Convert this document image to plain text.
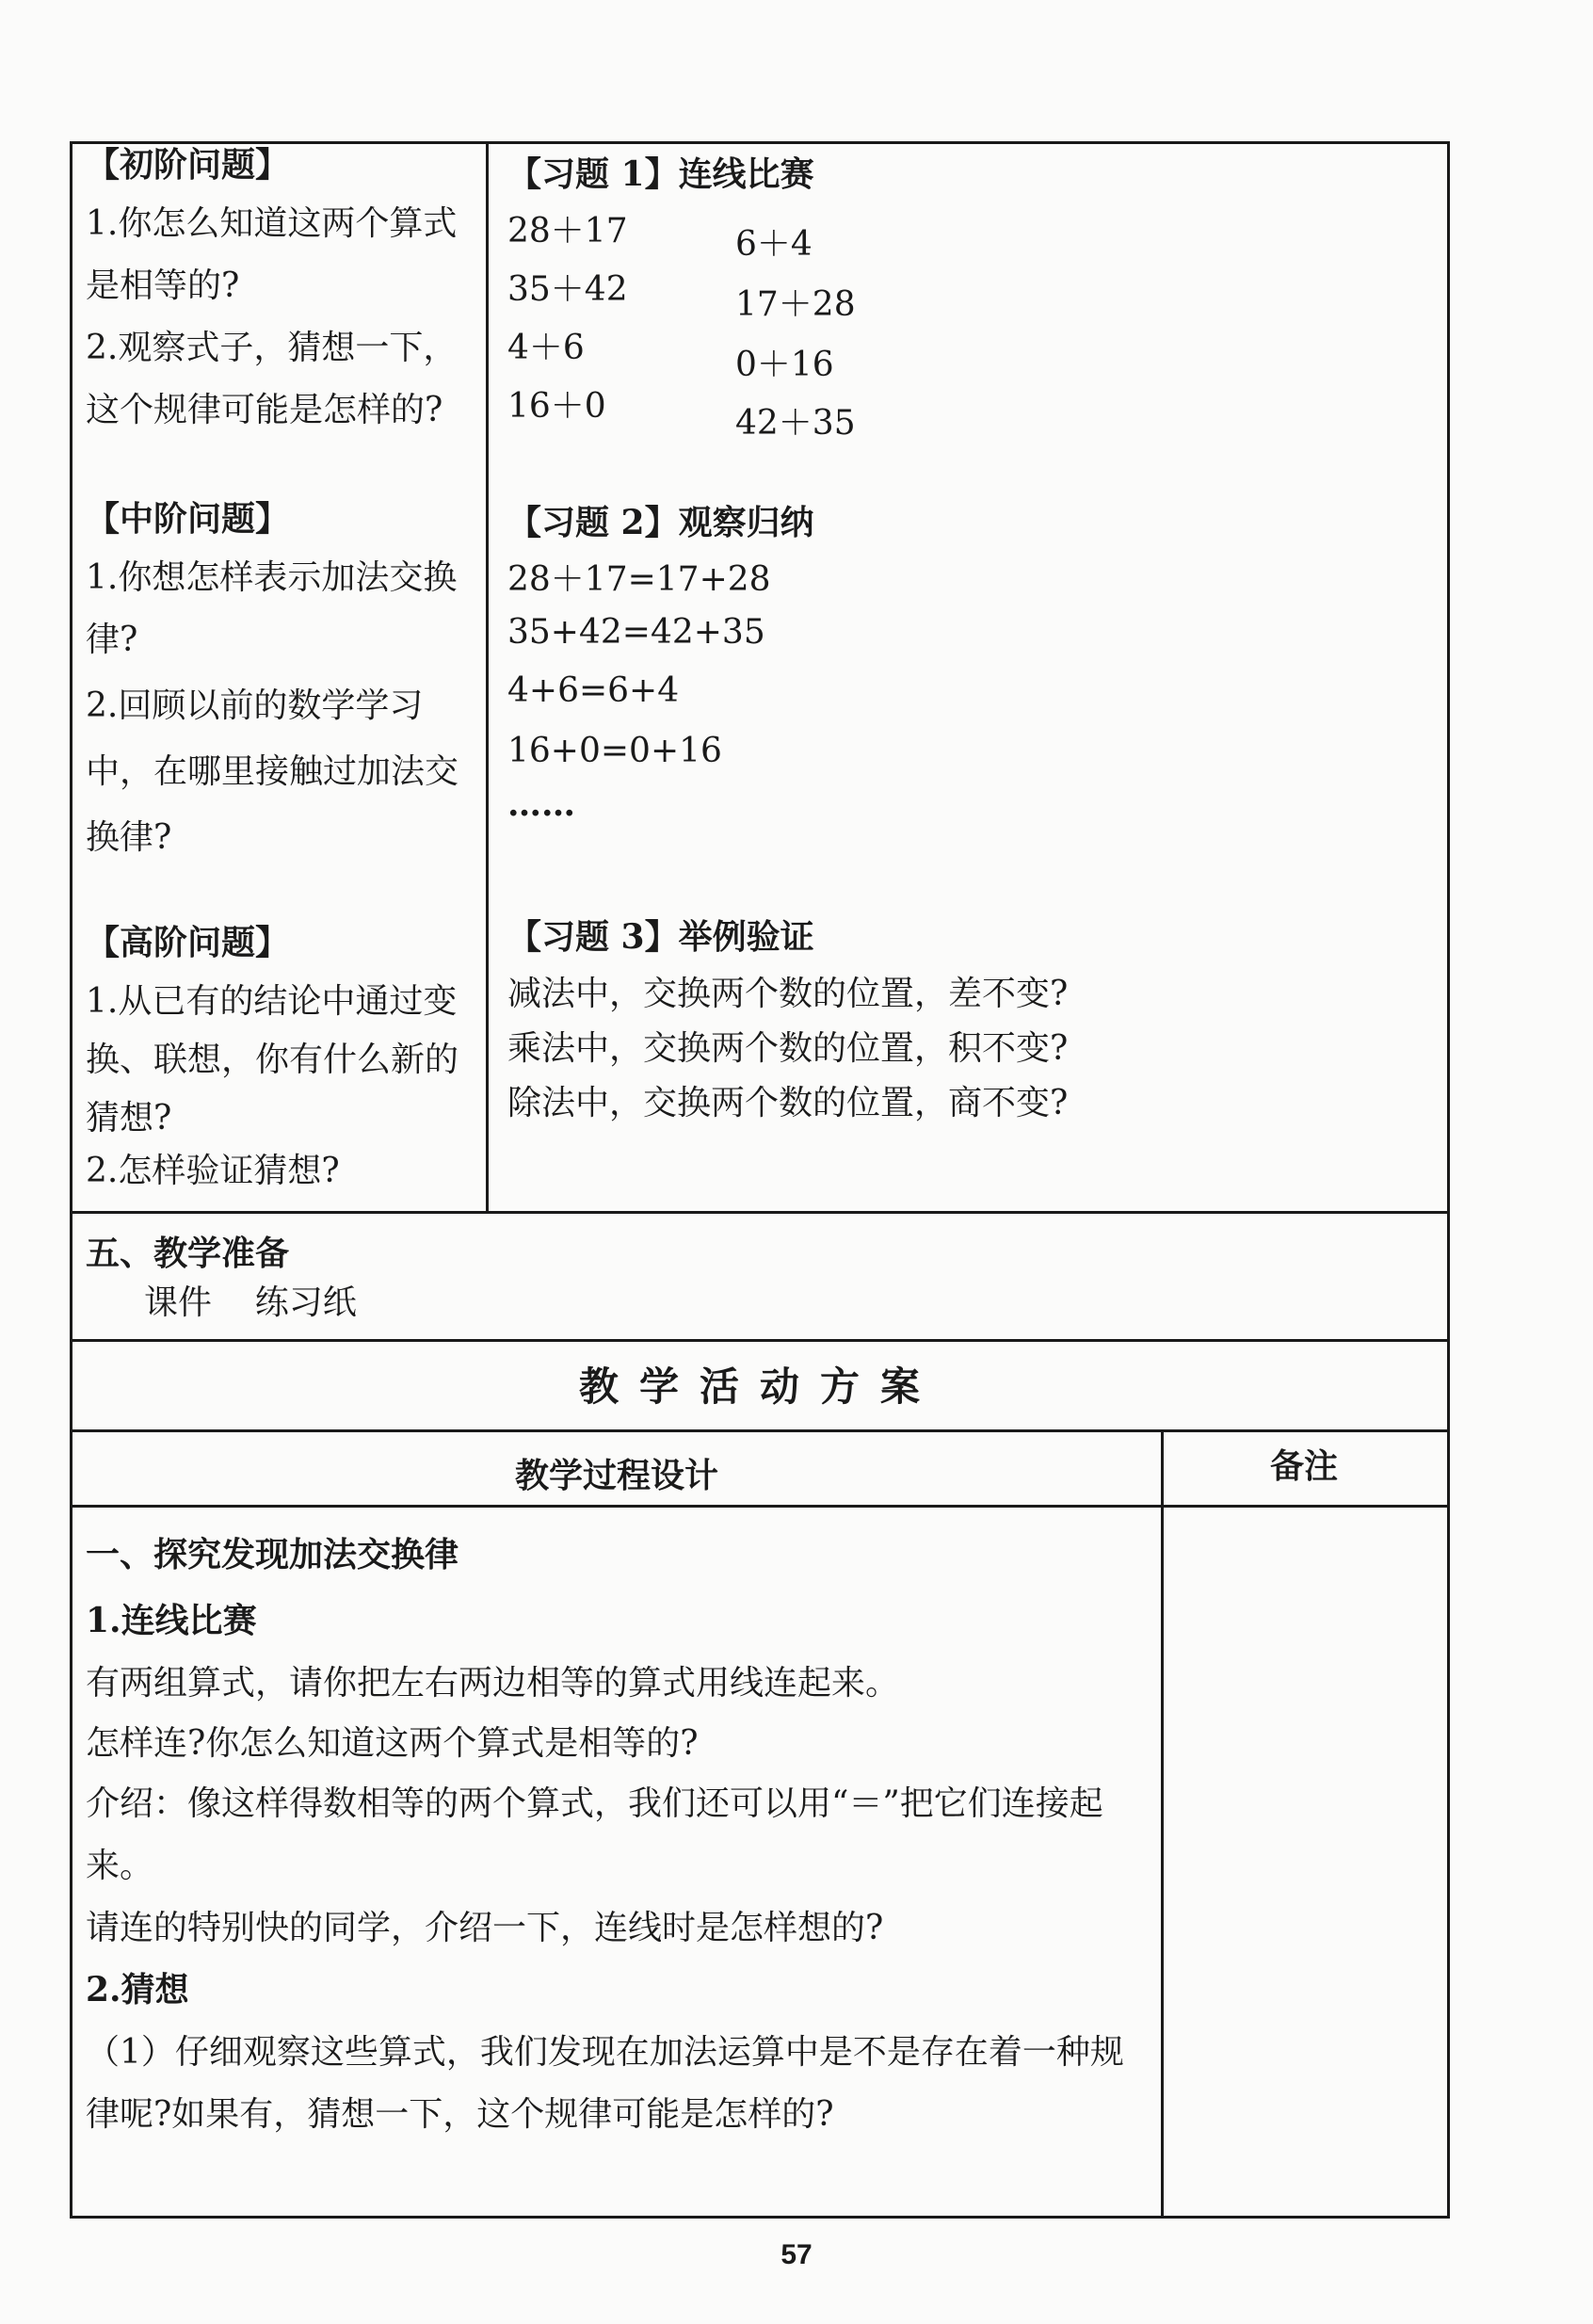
【初阶问题】
1.你怎么知道这两个算式
是相等的?
2.观察式子，猜想一下，
这个规律可能是怎样的?
【中阶问题】
1.你想怎样表示加法交换
律?
2.回顾以前的数学学习
中，在哪里接触过加法交
换律?
【高阶问题】
1.从已有的结论中通过变
换、联想，你有什么新的
猜想?
2.怎样验证猜想?
【习题 1】连线比赛
28＋17
35＋42
4＋6
16＋0
6＋4
17＋28
0＋16
42＋35
【习题 2】观察归纳
28＋17=17+28
35+42=42+35
4+6=6+4
16+0=0+16
……
【习题 3】举例验证
减法中，交换两个数的位置，差不变?
乘法中，交换两个数的位置，积不变?
除法中，交换两个数的位置，商不变?
五、教学准备
课件    练习纸
教学活动方案
教学过程设计	备注
一、探究发现加法交换律
1.连线比赛
有两组算式，请你把左右两边相等的算式用线连起来。
怎样连?你怎么知道这两个算式是相等的?
介绍：像这样得数相等的两个算式，我们还可以用“＝”把它们连接起
来。
请连的特别快的同学，介绍一下，连线时是怎样想的?
2.猜想
（1）仔细观察这些算式，我们发现在加法运算中是不是存在着一种规
律呢?如果有，猜想一下，这个规律可能是怎样的?
57
